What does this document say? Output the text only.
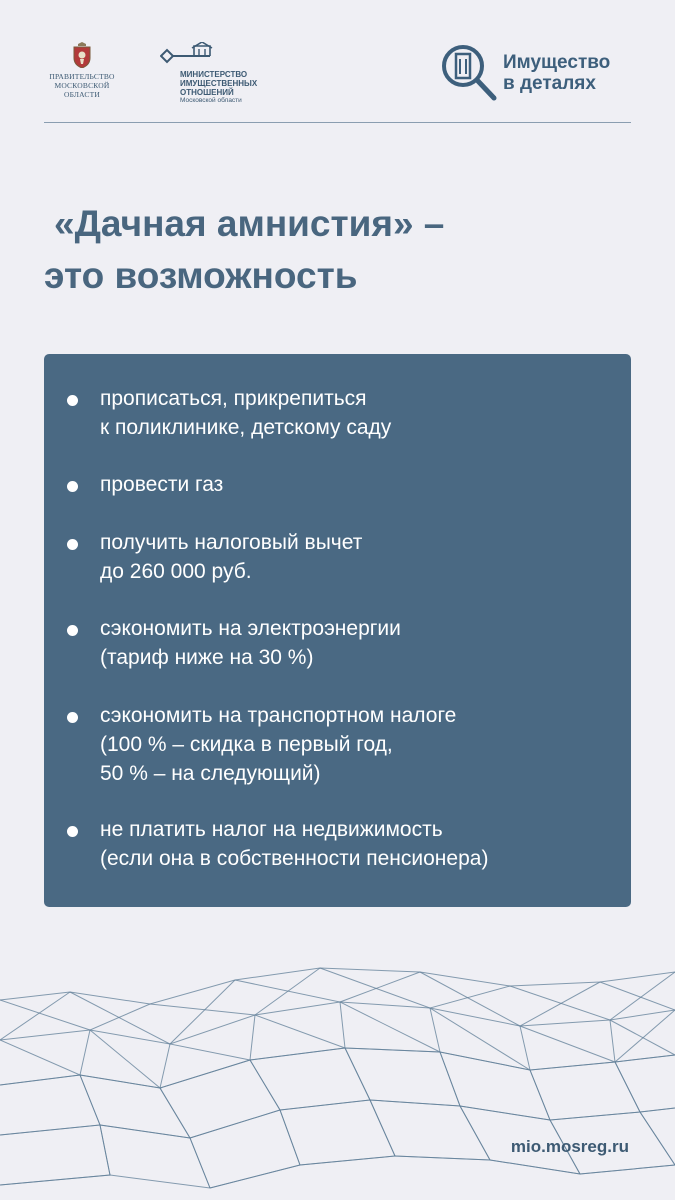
ПРАВИТЕЛЬСТВО
МОСКОВСКОЙ
ОБЛАСТИ
МИНИСТЕРСТВО
ИМУЩЕСТВЕННЫХ
ОТНОШЕНИЙ
Московской области
Имущество
в деталях
«Дачная амнистия» –
это возможность
прописаться, прикрепиться
к поликлинике, детскому саду
провести газ
получить налоговый вычет
до 260 000 руб.
сэкономить на электроэнергии
(тариф ниже на 30 %)
сэкономить на транспортном налоге
(100 % – скидка в первый год,
50 % – на следующий)
не платить налог на недвижимость
(если она в собственности пенсионера)
mio.mosreg.ru
